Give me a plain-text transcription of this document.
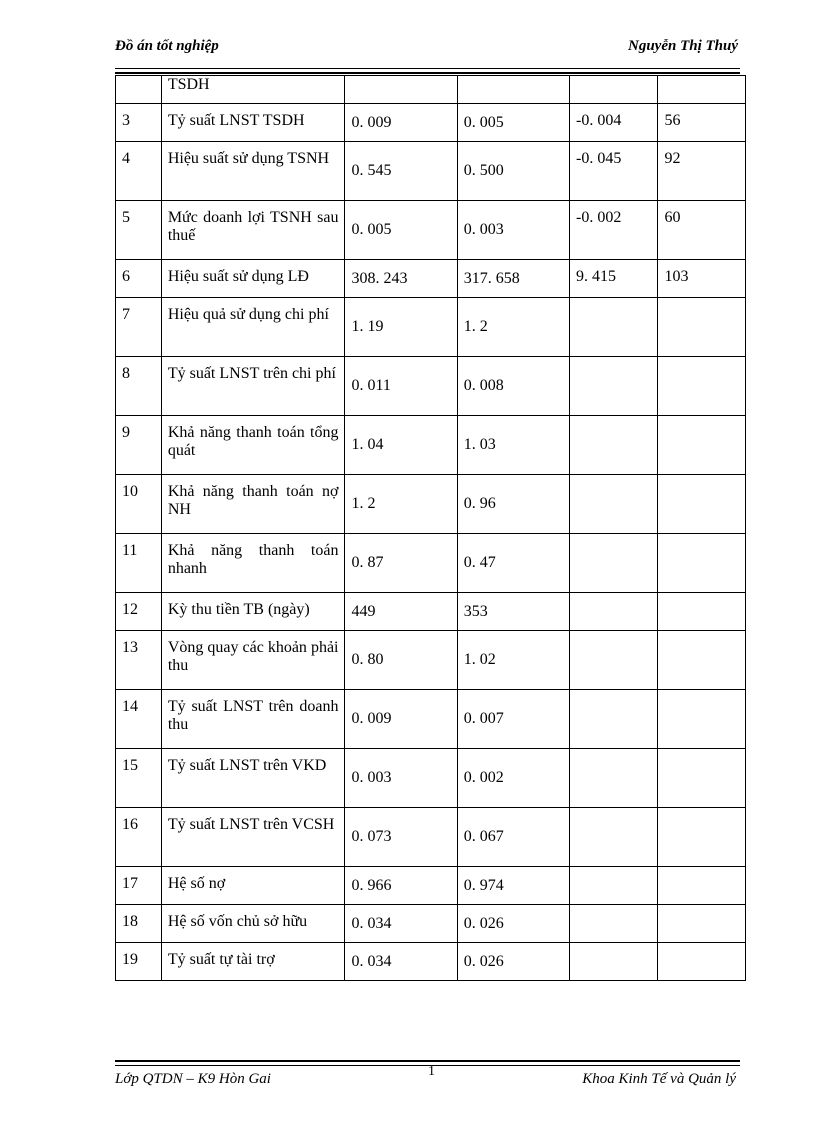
Đồ án tốt nghiệp	Nguyễn Thị Thuý
	TSDH				
3	Tỷ suất LNST TSDH	0. 009	0. 005	-0. 004	56
4	Hiệu suất sử dụng TSNH	0. 545	0. 500	-0. 045	92
5	Mức doanh lợi TSNH sau thuế	0. 005	0. 003	-0. 002	60
6	Hiệu suất sử dụng LĐ	308. 243	317. 658	9. 415	103
7	Hiệu quả sử dụng chi phí	1. 19	1. 2		
8	Tỷ suất LNST trên chi phí	0. 011	0. 008		
9	Khả năng thanh toán tổng quát	1. 04	1. 03		
10	Khả năng thanh toán nợ NH	1. 2	0. 96		
11	Khả năng thanh toán nhanh	0. 87	0. 47		
12	Kỳ thu tiền TB (ngày)	449	353		
13	Vòng quay các khoản phải thu	0. 80	1. 02		
14	Tỷ suất LNST trên doanh thu	0. 009	0. 007		
15	Tỷ suất LNST trên VKD	0. 003	0. 002		
16	Tỷ suất LNST trên VCSH	0. 073	0. 067		
17	Hệ số nợ	0. 966	0. 974		
18	Hệ số vốn chủ sở hữu	0. 034	0. 026		
19	Tỷ suất tự tài trợ	0. 034	0. 026		
Lớp QTDN – K9 Hòn Gai	1	Khoa Kinh Tế và Quản lý
